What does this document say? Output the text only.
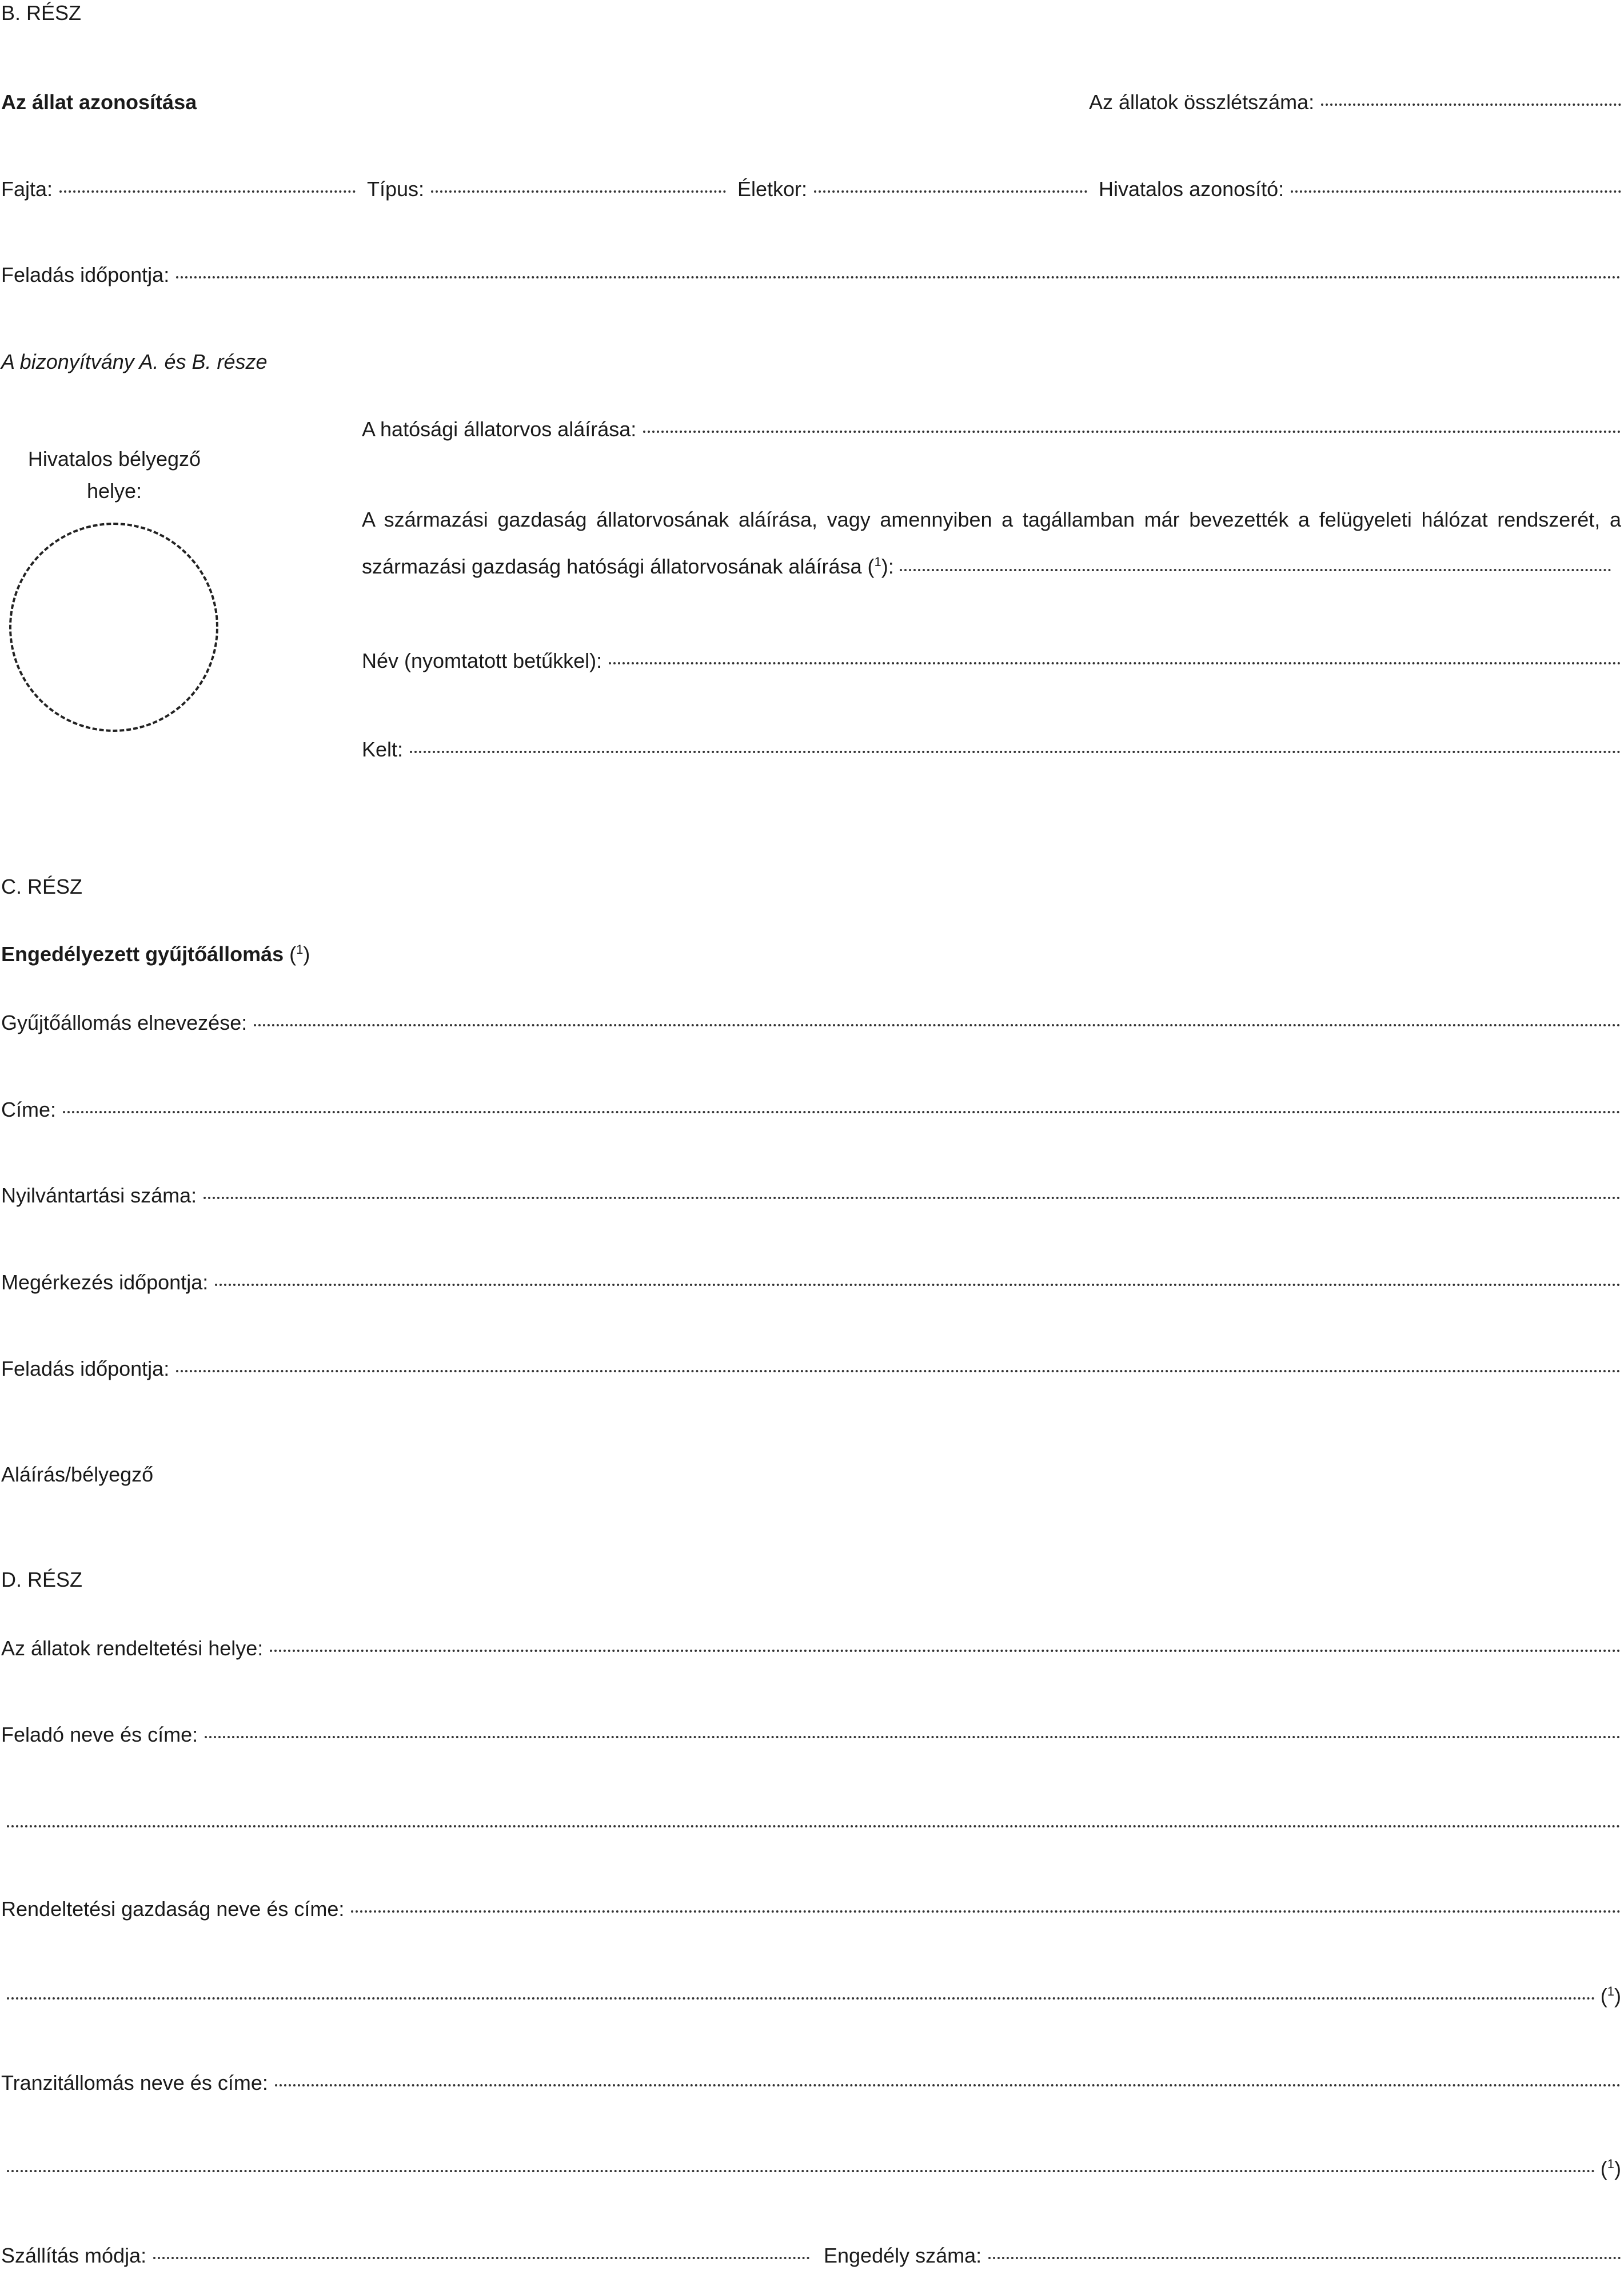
B. RÉSZ
Az állat azonosítása	Az állatok összlétszáma:
Fajta:	Típus:	Életkor:	Hivatalos azonosító:
Feladás időpontja:
A bizonyítvány A. és B. része
Hivatalos bélyegző helye:
A hatósági állatorvos aláírása:
A származási gazdaság állatorvosának aláírása, vagy amennyiben a tagállamban már bevezették a felügyeleti hálózat rendszerét, a származási gazdaság hatósági állatorvosának aláírása ($^1$):
Név (nyomtatott betűkkel):
Kelt:
C. RÉSZ
Engedélyezett gyűjtőállomás ($^1$)
Gyűjtőállomás elnevezése:
Címe:
Nyilvántartási száma:
Megérkezés időpontja:
Feladás időpontja:
Aláírás/bélyegző
D. RÉSZ
Az állatok rendeltetési helye:
Feladó neve és címe:
Rendeltetési gazdaság neve és címe:
($^1$)
Tranzitállomás neve és címe:
($^1$)
Szállítás módja:	Engedély száma:
